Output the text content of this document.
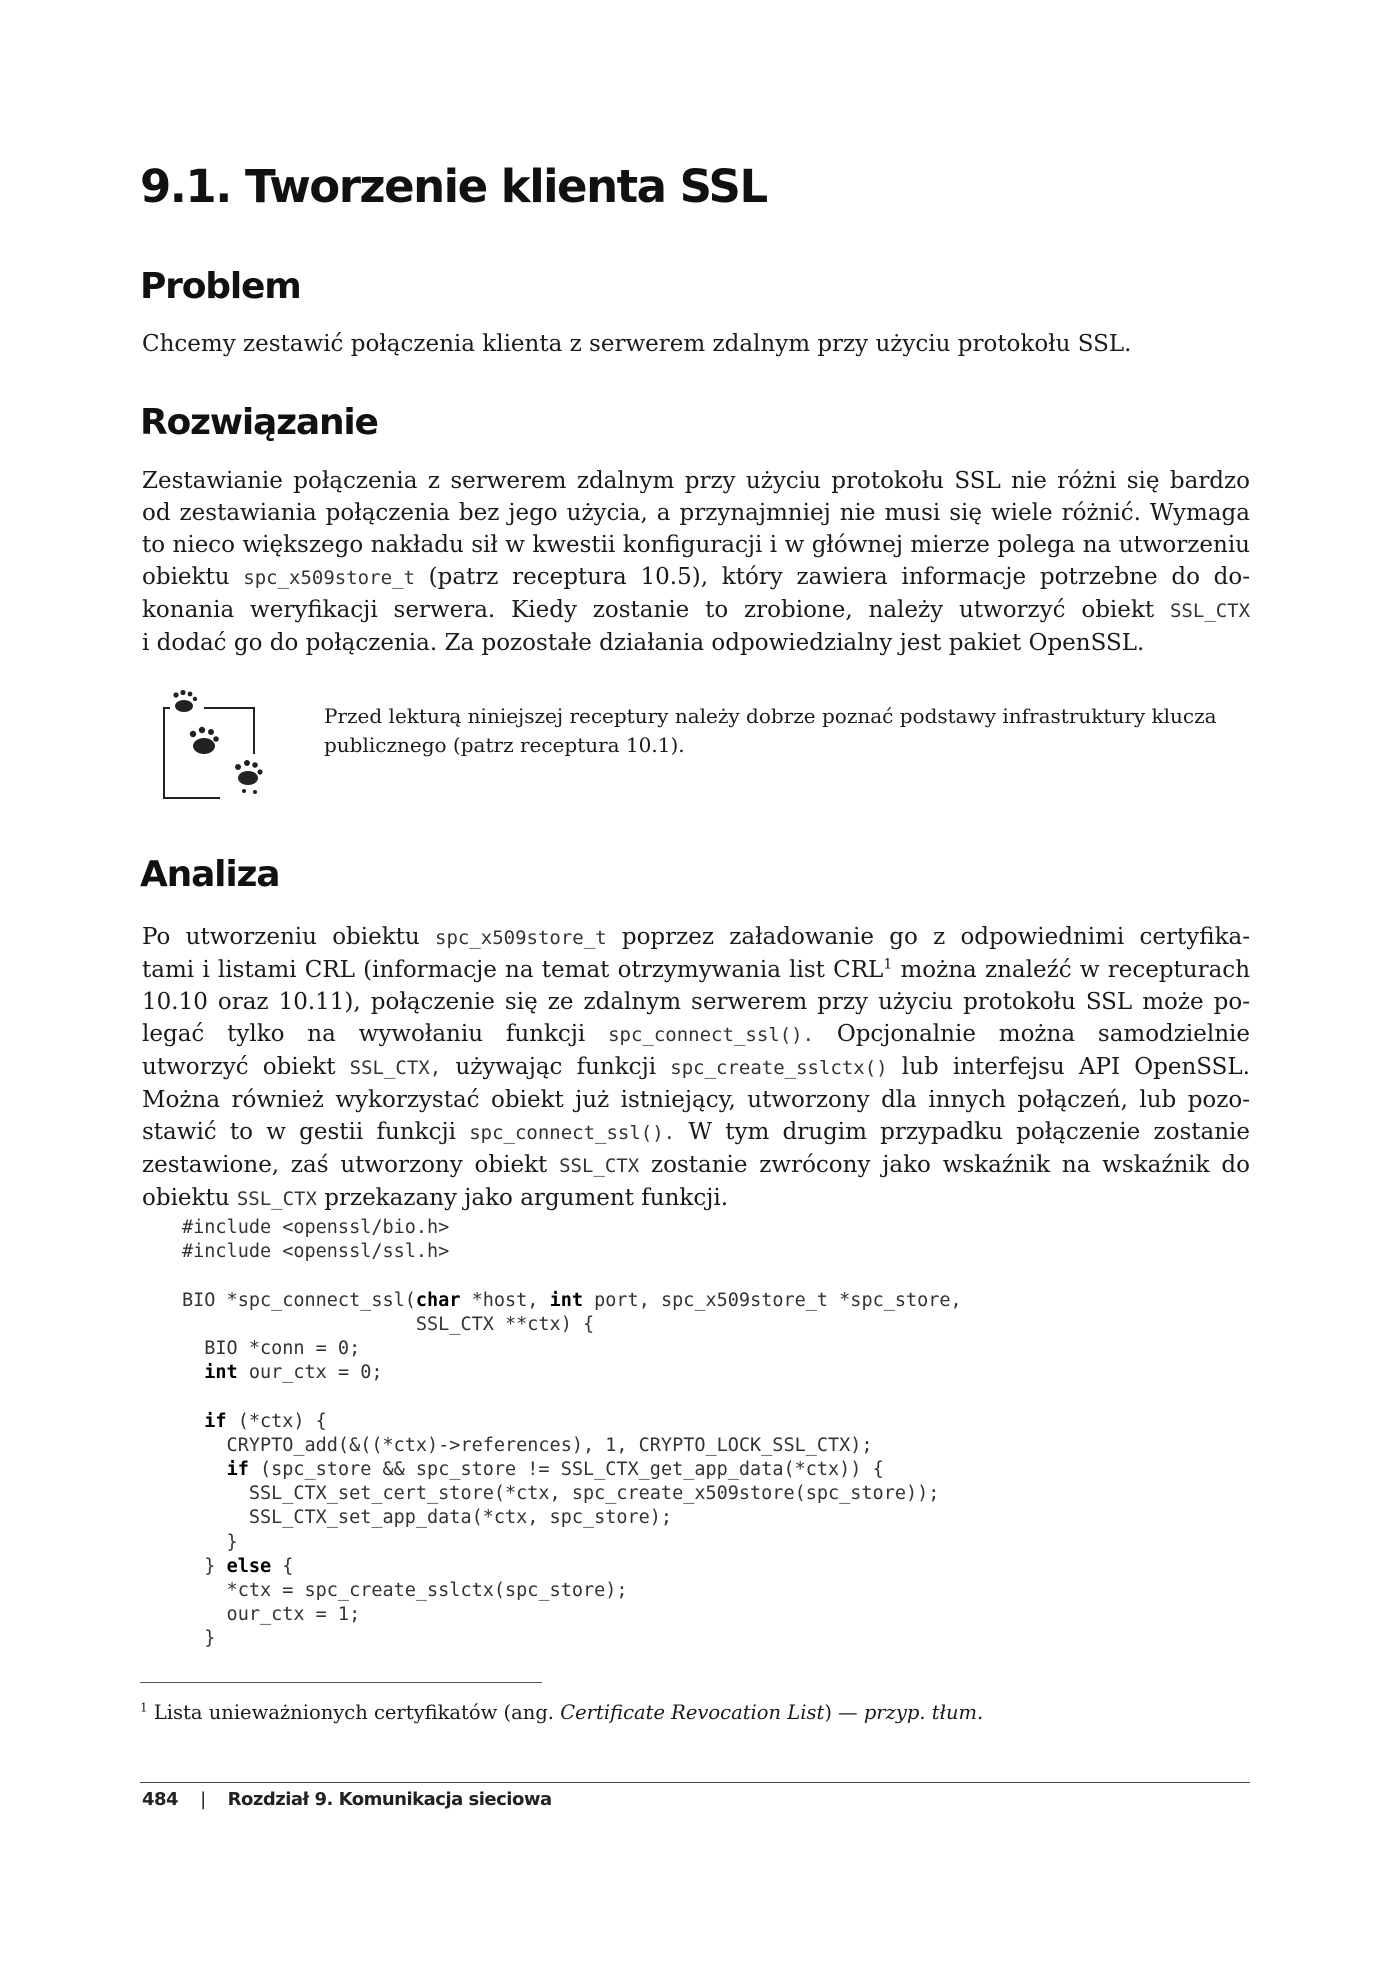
9.1. Tworzenie klienta SSL
Problem

Chcemy zestawić połączenia klienta z serwerem zdalnym przy użyciu protokołu SSL.

Rozwiązanie
Zestawianie połączenia z serwerem zdalnym przy użyciu protokołu SSL nie różni się bardzo
od zestawiania połączenia bez jego użycia, a przynajmniej nie musi się wiele różnić. Wymaga
to nieco większego nakładu sił w kwestii konfiguracji i w głównej mierze polega na utworzeniu
obiektu spc_x509store_t (patrz receptura 10.5), który zawiera informacje potrzebne do do-
konania weryfikacji serwera. Kiedy zostanie to zrobione, należy utworzyć obiekt SSL_CTX
i dodać go do połączenia. Za pozostałe działania odpowiedzialny jest pakiet OpenSSL.
Przed lekturą niniejszej receptury należy dobrze poznać podstawy infrastruktury klucza
publicznego (patrz receptura 10.1).
Analiza
Po utworzeniu obiektu spc_x509store_t poprzez załadowanie go z odpowiednimi certyfika-
tami i listami CRL (informacje na temat otrzymywania list CRL$^1$ można znaleźć w recepturach
10.10 oraz 10.11), połączenie się ze zdalnym serwerem przy użyciu protokołu SSL może po-
legać tylko na wywołaniu funkcji spc_connect_ssl(). Opcjonalnie można samodzielnie
utworzyć obiekt SSL_CTX, używając funkcji spc_create_sslctx() lub interfejsu API OpenSSL.
Można również wykorzystać obiekt już istniejący, utworzony dla innych połączeń, lub pozo-
stawić to w gestii funkcji spc_connect_ssl(). W tym drugim przypadku połączenie zostanie
zestawione, zaś utworzony obiekt SSL_CTX zostanie zwrócony jako wskaźnik na wskaźnik do
obiektu SSL_CTX przekazany jako argument funkcji.
#include <openssl/bio.h>
#include <openssl/ssl.h>

BIO *spc_connect_ssl(char *host, int port, spc_x509store_t *spc_store,
SSL_CTX **ctx) {
BIO *conn = 0;
int our_ctx = 0;

if (*ctx) {
CRYPTO_add(&((*ctx)->references), 1, CRYPTO_LOCK_SSL_CTX);
if (spc_store && spc_store != SSL_CTX_get_app_data(*ctx)) {
SSL_CTX_set_cert_store(*ctx, spc_create_x509store(spc_store));
SSL_CTX_set_app_data(*ctx, spc_store);
}
} else {
*ctx = spc_create_sslctx(spc_store);
our_ctx = 1;
}

$^1$ Lista unieważnionych certyfikatów (ang. Certificate Revocation List) — przyp. tłum.

484 | Rozdział 9. Komunikacja sieciowa
